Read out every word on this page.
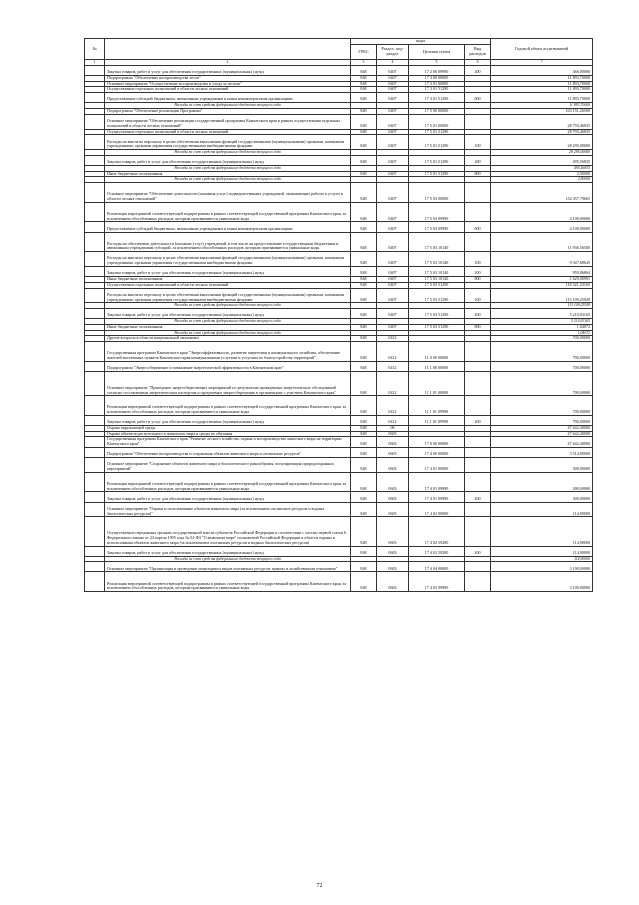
№		коды				Годовой объем ассигнований
		ГРБС	Раздел, под-раздел	Целевая статья	Вид расходов	
1	2	3	4	5	6	7
	Закупка товаров, работ и услуг для обеспечения государственных (муниципальных) нужд	848	0407	17 2 06 09990	200	366,00000
	Подпрограмма "Обеспечение воспроизводства лесов"	848	0407	17 3 00 00000		11 893,70000
	Основное мероприятие "Осуществление воспроизводства и ухода за лесами"	848	0407	17 3 01 00000		11 893,70000
	Осуществление отдельных полномочий в области лесных отношений	848	0407	17 3 01 51290		11 893,70000
	Предоставление субсидий бюджетным, автономным учреждениям и иным некоммерческим организациям	848	0407	17 3 01 51290	600	11 893,70000
	Расходы за счет средств федерального бюджета текущего года					11 893,70000
	Подпрограмма "Обеспечение реализации Программы"	848	0407	17 5 00 00000		163 151,26500
	Основное мероприятие "Обеспечение реализации государственной программы Камчатского края в рамках осуществления отдельных полномочий в области лесных отношений"	848	0407	17 5 01 00000		28 793,46835
	Осуществление отдельных полномочий в области лесных отношений	848	0407	17 5 01 51290		28 793,46835
	Расходы на выплаты персоналу в целях обеспечения выполнения функций государственными (муниципальными) органами, казенными учреждениями, органами управления государственными внебюджетными фондами	848	0407	17 5 01 51290	100	28 295,00000
	Расходы за счет средств федерального бюджета текущего года					28 295,00000
	Закупка товаров, работ и услуг для обеспечения государственных (муниципальных) нужд	848	0407	17 5 01 51290	200	495,56835
	Расходы за счет средств федерального бюджета текущего года					495,56835
	Иные бюджетные ассигнования	848	0407	17 5 01 51290	800	2,90000
	Расходы за счет средств федерального бюджета текущего года					2,90000
	Основное мероприятие "Обеспечение деятельности (оказания услуг) подведомственных учреждений, оказывающих работы и услуги в области лесных отношений"	848	0407	17 5 03 00000		134 357,79665
	Реализация мероприятий соответствующей подпрограммы в рамках соответствующей государственной программы Камчатского края, за исключением обособленных расходов, которым присваиваются уникальные коды	848	0407	17 5 03 09990		4 100,00000
	Предоставление субсидий бюджетным, автономным учреждениям и иным некоммерческим организациям	848	0407	17 5 03 09990	600	4 100,00000
	Расходы на обеспечение деятельности (оказание услуг) учреждений, в том числе на предоставление государственным бюджетным и автономным учреждениям субсидий, за исключением обособленных расходов, которым присваиваются уникальные коды	848	0407	17 5 03 10140		11 936,56500
	Расходы на выплаты персоналу в целях обеспечения выполнения функций государственными (муниципальными) органами, казенными учреждениями, органами управления государственными внебюджетными фондами	848	0407	17 5 03 10140	100	9 347,68645
	Закупка товаров, работ и услуг для обеспечения государственных (муниципальных) нужд	848	0407	17 5 03 10140	200	959,86864
	Иные бюджетные ассигнования	848	0407	17 5 03 10140	800	1 629,00991
	Осуществление отдельных полномочий в области лесных отношений	848	0407	17 5 03 51290		118 321,23165
	Расходы на выплаты персоналу в целях обеспечения выполнения функций государственными (муниципальными) органами, казенными учреждениями, органами управления государственными внебюджетными фондами	848	0407	17 5 03 51290	100	113 109,25928
	Расходы за счет средств федерального бюджета текущего года					113 109,25928
	Закупка товаров, работ и услуг для обеспечения государственных (муниципальных) нужд	848	0407	17 5 03 51290	200	5 210,93165
	Расходы за счет средств федерального бюджета текущего года					5 210,93165
	Иные бюджетные ассигнования	848	0407	17 5 03 51290	800	1,04072
	Расходы за счет средств федерального бюджета текущего года					1,04072
	Другие вопросы в области национальной экономики	848	0412			700,00000
	Государственная программа Камчатского края "Энергоэффективность, развитие энергетики и коммунального хозяйства, обеспечение жителей населенных пунктов Камчатского края коммунальными услугами и услугами по благоустройству территорий"	848	0412	11 0 00 00000		700,00000
	Подпрограмма "Энергосбережение и повышение энергетической эффективности в Камчатском крае"	848	0412	11 1 00 00000		700,00000
	Основное мероприятие "Проведение энергосберегающих мероприятий по результатам проведенных энергетических обследований согласно составленным энергетическим паспортам и программам энергосбережения в организациях с участием Камчатского края"	848	0412	11 1 01 00000		700,00000
	Реализация мероприятий соответствующей подпрограммы в рамках соответствующей государственной программы Камчатского края, за исключением обособленных расходов, которым присваиваются уникальные коды	848	0412	11 1 01 09990		700,00000
	Закупка товаров, работ и услуг для обеспечения государственных (муниципальных) нужд	848	0412	11 1 01 09990	200	700,00000
	Охрана окружающей среды	848	06			47 642,40000
	Охрана объектов растительного и животного мира и среды их обитания	848	0603			47 642,40000
	Государственная программа Камчатского края "Развитие лесного хозяйства, охрана и воспроизводство животного мира на территории Камчатского края"	848	0603	17 0 00 00000		47 642,40000
	Подпрограмма "Обеспечение воспроизводства и сохранения объектов животного мира и охотничьих ресурсов"	848	0603	17 4 00 00000		3 514,90000
	Основное мероприятие "Сохранение объектов животного мира и биологического разнообразия, популяризация природоохранных мероприятий"	848	0603	17 4 01 00000		300,00000
	Реализация мероприятий соответствующей подпрограммы в рамках соответствующей государственной программы Камчатского края, за исключением обособленных расходов, которым присваиваются уникальные коды	848	0603	17 4 01 09990		300,00000
	Закупка товаров, работ и услуг для обеспечения государственных (муниципальных) нужд	848	0603	17 4 01 09990	200	300,00000
	Основное мероприятие "Охрана и использование объектов животного мира (за исключением охотничьих ресурсов и водных биологических ресурсов)"	848	0603	17 4 02 00000		114,90000
	Осуществление переданных органам государственной власти субъектов Российской Федерации в соответствии с частью первой статьи 6 Федерального закона от 24 апреля 1995 года № 52-ФЗ "О животном мире" полномочий Российской Федерации в области охраны и использования объектов животного мира (за исключением охотничьих ресурсов и водных биологических ресурсов)	848	0603	17 4 02 59200		114,90000
	Закупка товаров, работ и услуг для обеспечения государственных (муниципальных) нужд	848	0603	17 4 02 59200	200	114,90000
	Расходы за счет средств федерального бюджета текущего года					114,90000
	Основное мероприятие "Организация и проведение мониторинга видов охотничьих ресурсов, ценных в хозяйственном отношении"	848	0603	17 4 04 00000		3 100,00000
	Реализация мероприятий соответствующей подпрограммы в рамках соответствующей государственной программы Камчатского края, за исключением обособленных расходов, которым присваиваются уникальные коды	848	0603	17 4 05 09990		3 100,00000
72
